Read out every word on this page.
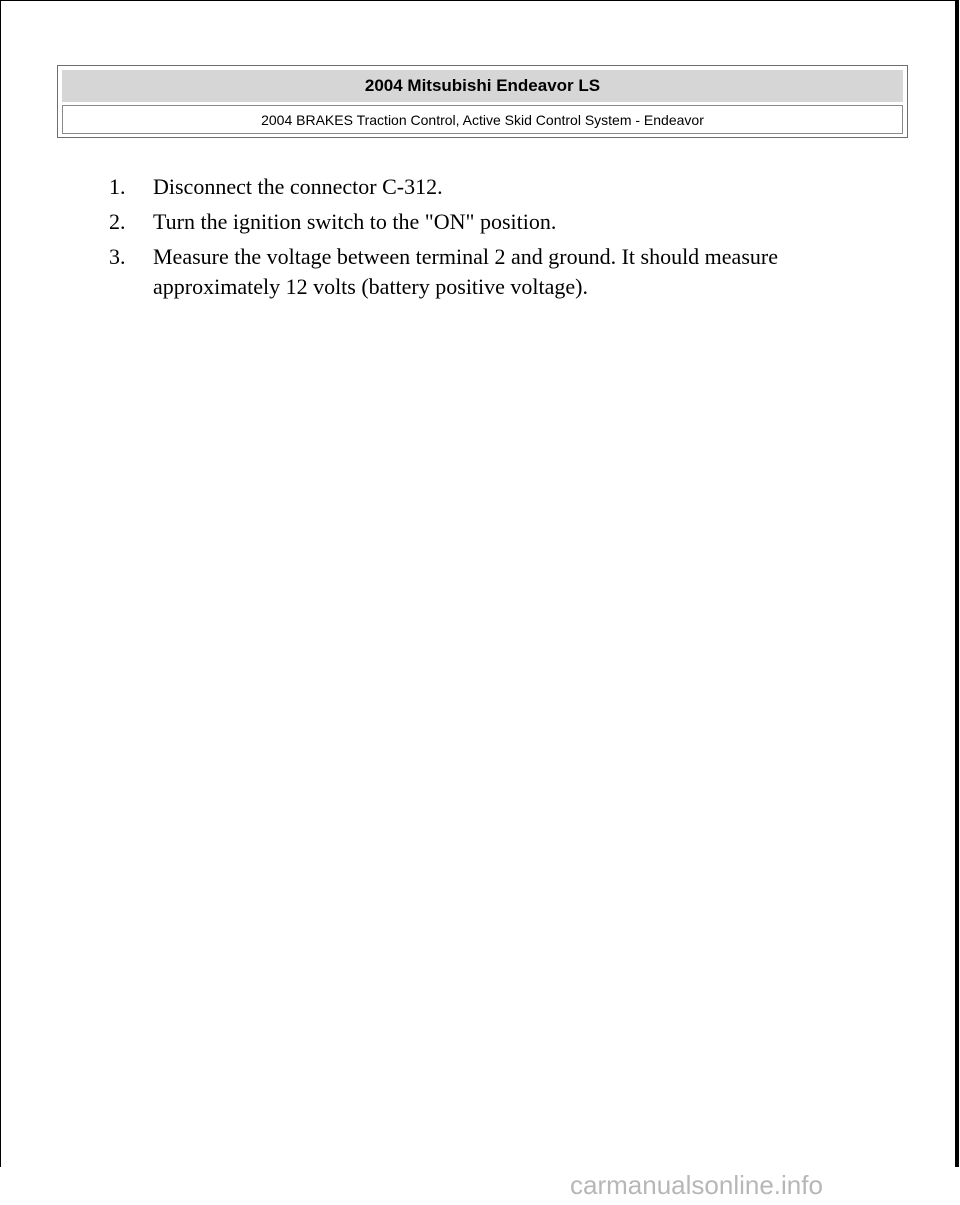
2004 Mitsubishi Endeavor LS
2004 BRAKES Traction Control, Active Skid Control System - Endeavor
1.	Disconnect the connector C-312.
2.	Turn the ignition switch to the "ON" position.
3.	Measure the voltage between terminal 2 and ground. It should measure approximately 12 volts (battery positive voltage).
carmanualsonline.info
